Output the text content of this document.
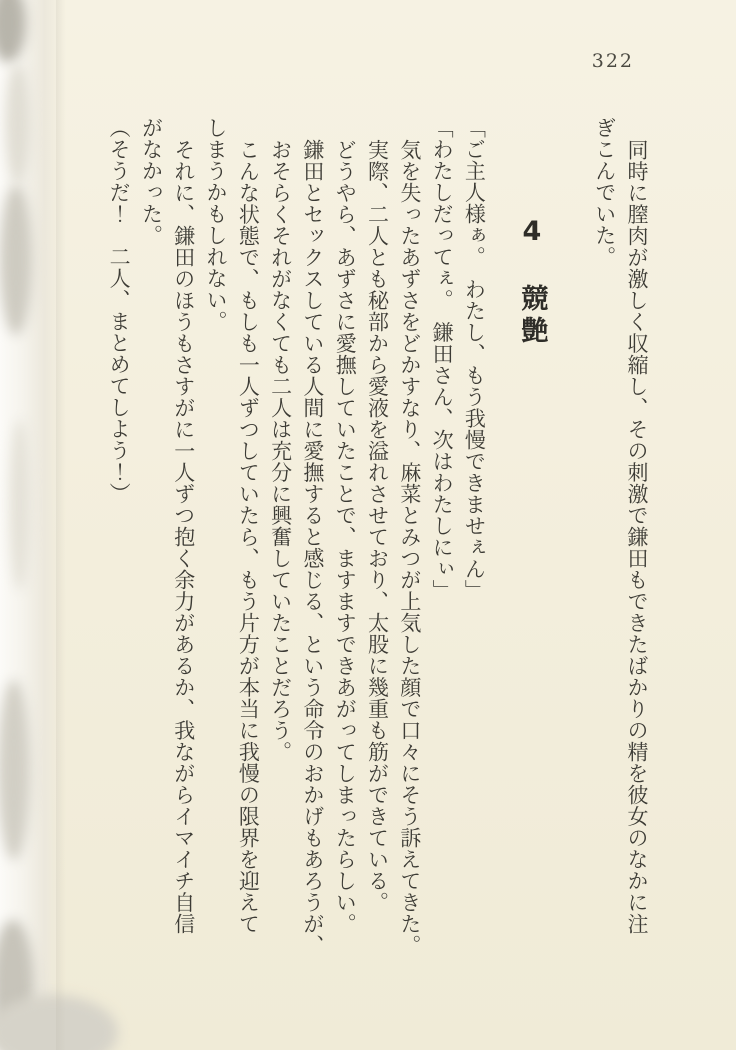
322
同時に膣肉が激しく収縮し、その刺激で鎌田もできたばかりの精を彼女のなかに注
ぎこんでいた。
4競艶
「ご主人様ぁ。　わたし、もう我慢できませぇん」
「わたしだってぇ。　鎌田さん、次はわたしにぃ」
気を失ったあずさをどかすなり、麻菜とみつが上気した顔で口々にそう訴えてきた。
実際、二人とも秘部から愛液を溢れさせており、太股に幾重も筋ができている。
どうやら、あずさに愛撫していたことで、ますますできあがってしまったらしい。
鎌田とセックスしている人間に愛撫すると感じる、という命令のおかげもあろうが、
おそらくそれがなくても二人は充分に興奮していたことだろう。
こんな状態で、もしも一人ずつしていたら、もう片方が本当に我慢の限界を迎えて
しまうかもしれない。
それに、鎌田のほうもさすがに一人ずつ抱く余力があるか、我ながらイマイチ自信
がなかった。
（そうだ！　二人、まとめてしよう！）
